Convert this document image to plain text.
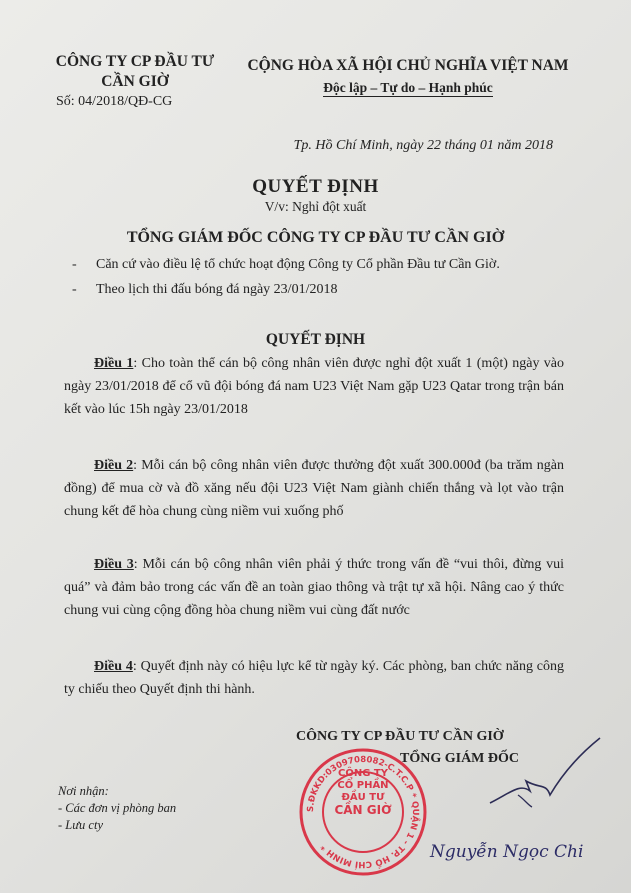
CÔNG TY CP ĐẦU TƯ
CẦN GIỜ
Số: 04/2018/QĐ-CG
CỘNG HÒA XÃ HỘI CHỦ NGHĨA VIỆT NAM
Độc lập – Tự do – Hạnh phúc
Tp. Hồ Chí Minh, ngày 22 tháng 01 năm 2018
QUYẾT ĐỊNH
V/v: Nghỉ đột xuất
TỔNG GIÁM ĐỐC CÔNG TY CP ĐẦU TƯ CẦN GIỜ
- Căn cứ vào điều lệ tổ chức hoạt động Công ty Cổ phần Đầu tư Cần Giờ.
- Theo lịch thi đấu bóng đá ngày 23/01/2018
QUYẾT ĐỊNH
Điều 1: Cho toàn thể cán bộ công nhân viên được nghỉ đột xuất 1 (một) ngày vào ngày 23/01/2018 để cổ vũ đội bóng đá nam U23 Việt Nam gặp U23 Qatar trong trận bán kết vào lúc 15h ngày 23/01/2018
Điều 2: Mỗi cán bộ công nhân viên được thưởng đột xuất 300.000đ (ba trăm ngàn đồng) để mua cờ và đồ xăng nếu đội U23 Việt Nam giành chiến thắng và lọt vào trận chung kết để hòa chung cùng niềm vui xuống phố
Điều 3: Mỗi cán bộ công nhân viên phải ý thức trong vấn đề “vui thôi, đừng vui quá” và đảm bảo trong các vấn đề an toàn giao thông và trật tự xã hội. Nâng cao ý thức chung vui cùng cộng đồng hòa chung niềm vui cùng đất nước
Điều 4: Quyết định này có hiệu lực kể từ ngày ký. Các phòng, ban chức năng công ty chiếu theo Quyết định thi hành.
CÔNG TY CP ĐẦU TƯ CẦN GIỜ
TỔNG GIÁM ĐỐC
S.ĐKKD:0309708082-C.T.C.P * QUẬN 1 - TP. HỒ CHÍ MINH *
CÔNG TY
CỔ PHẦN
ĐẦU TƯ
CẦN GIỜ
Nguyễn Ngọc Chi
Nơi nhận:
- Các đơn vị phòng ban
- Lưu cty
